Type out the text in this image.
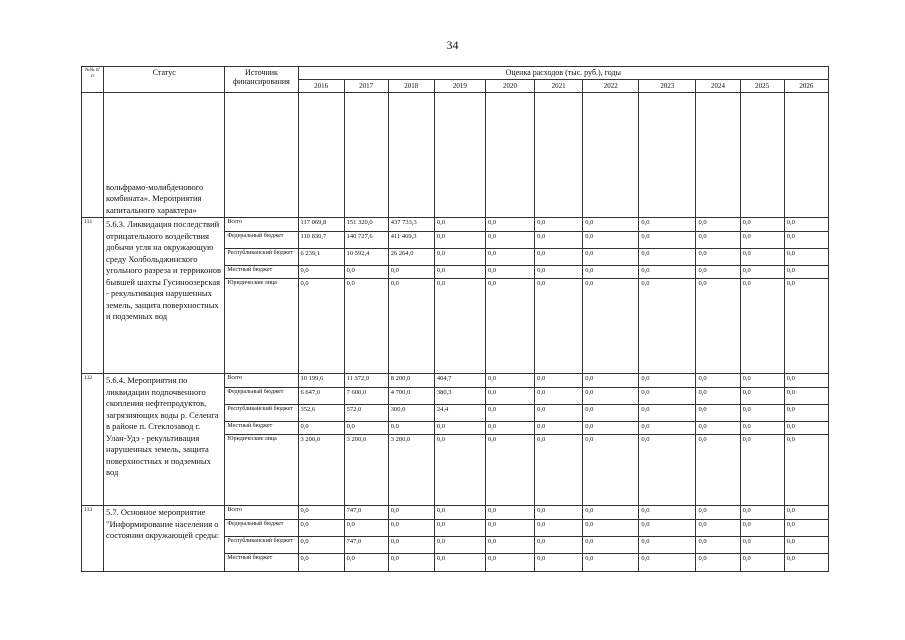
34
№№ п/п	Статус	Источник финансирования	Оценка расходов (тыс. руб.), годы										
			2016	2017	2018	2019	2020	2021	2022	2023	2024	2025	2026
	вольфрамо-молибденового комбината». Мероприятия капитального характера»												
131	5.6.3. Ликвидация последствий отрицательного воздействия добычи угля на окружающую среду Холбольджинского угольного разреза и терриконов бывшей шахты Гусиноозерская - рекультивация нарушенных земель, защита поверхностных и подземных вод	Всего	117 069,8	151 320,0	437 733,3	0,0	0,0	0,0	0,0	0,0	0,0	0,0	0,0
		Федеральный бюджет	110 830,7	140 727,6	411 469,3	0,0	0,0	0,0	0,0	0,0	0,0	0,0	0,0
		Республиканский бюджет	6 239,1	10 592,4	26 264,0	0,0	0,0	0,0	0,0	0,0	0,0	0,0	0,0
		Местный бюджет	0,0	0,0	0,0	0,0	0,0	0,0	0,0	0,0	0,0	0,0	0,0
		Юридические лица	0,0	0,0	0,0	0,0	0,0	0,0	0,0	0,0	0,0	0,0	0,0
132	5.6.4. Мероприятия по ликвидации подпочвенного скопления нефтепродуктов, загрязняющих воды р. Селенга в районе п. Стеклозавод г. Улан-Удэ - рекультивация нарушенных земель, защита поверхностных и подземных вод	Всего	10 199,6	11 372,0	8 200,0	404,7	0,0	0,0	0,0	0,0	0,0	0,0	0,0
		Федеральный бюджет	6 647,0	7 600,0	4 700,0	380,3	0,0	0,0	0,0	0,0	0,0	0,0	0,0
		Республиканский бюджет	352,6	572,0	300,0	24,4	0,0	0,0	0,0	0,0	0,0	0,0	0,0
		Местный бюджет	0,0	0,0	0,0	0,0	0,0	0,0	0,0	0,0	0,0	0,0	0,0
		Юридические лица	3 200,0	3 200,0	3 200,0	0,0	0,0	0,0	0,0	0,0	0,0	0,0	0,0
133	5.7. Основное мероприятие "Информирование населения о состоянии окружающей среды:	Всего	0,0	747,0	0,0	0,0	0,0	0,0	0,0	0,0	0,0	0,0	0,0
		Федеральный бюджет	0,0	0,0	0,0	0,0	0,0	0,0	0,0	0,0	0,0	0,0	0,0
		Республиканский бюджет	0,0	747,0	0,0	0,0	0,0	0,0	0,0	0,0	0,0	0,0	0,0
		Местный бюджет	0,0	0,0	0,0	0,0	0,0	0,0	0,0	0,0	0,0	0,0	0,0
